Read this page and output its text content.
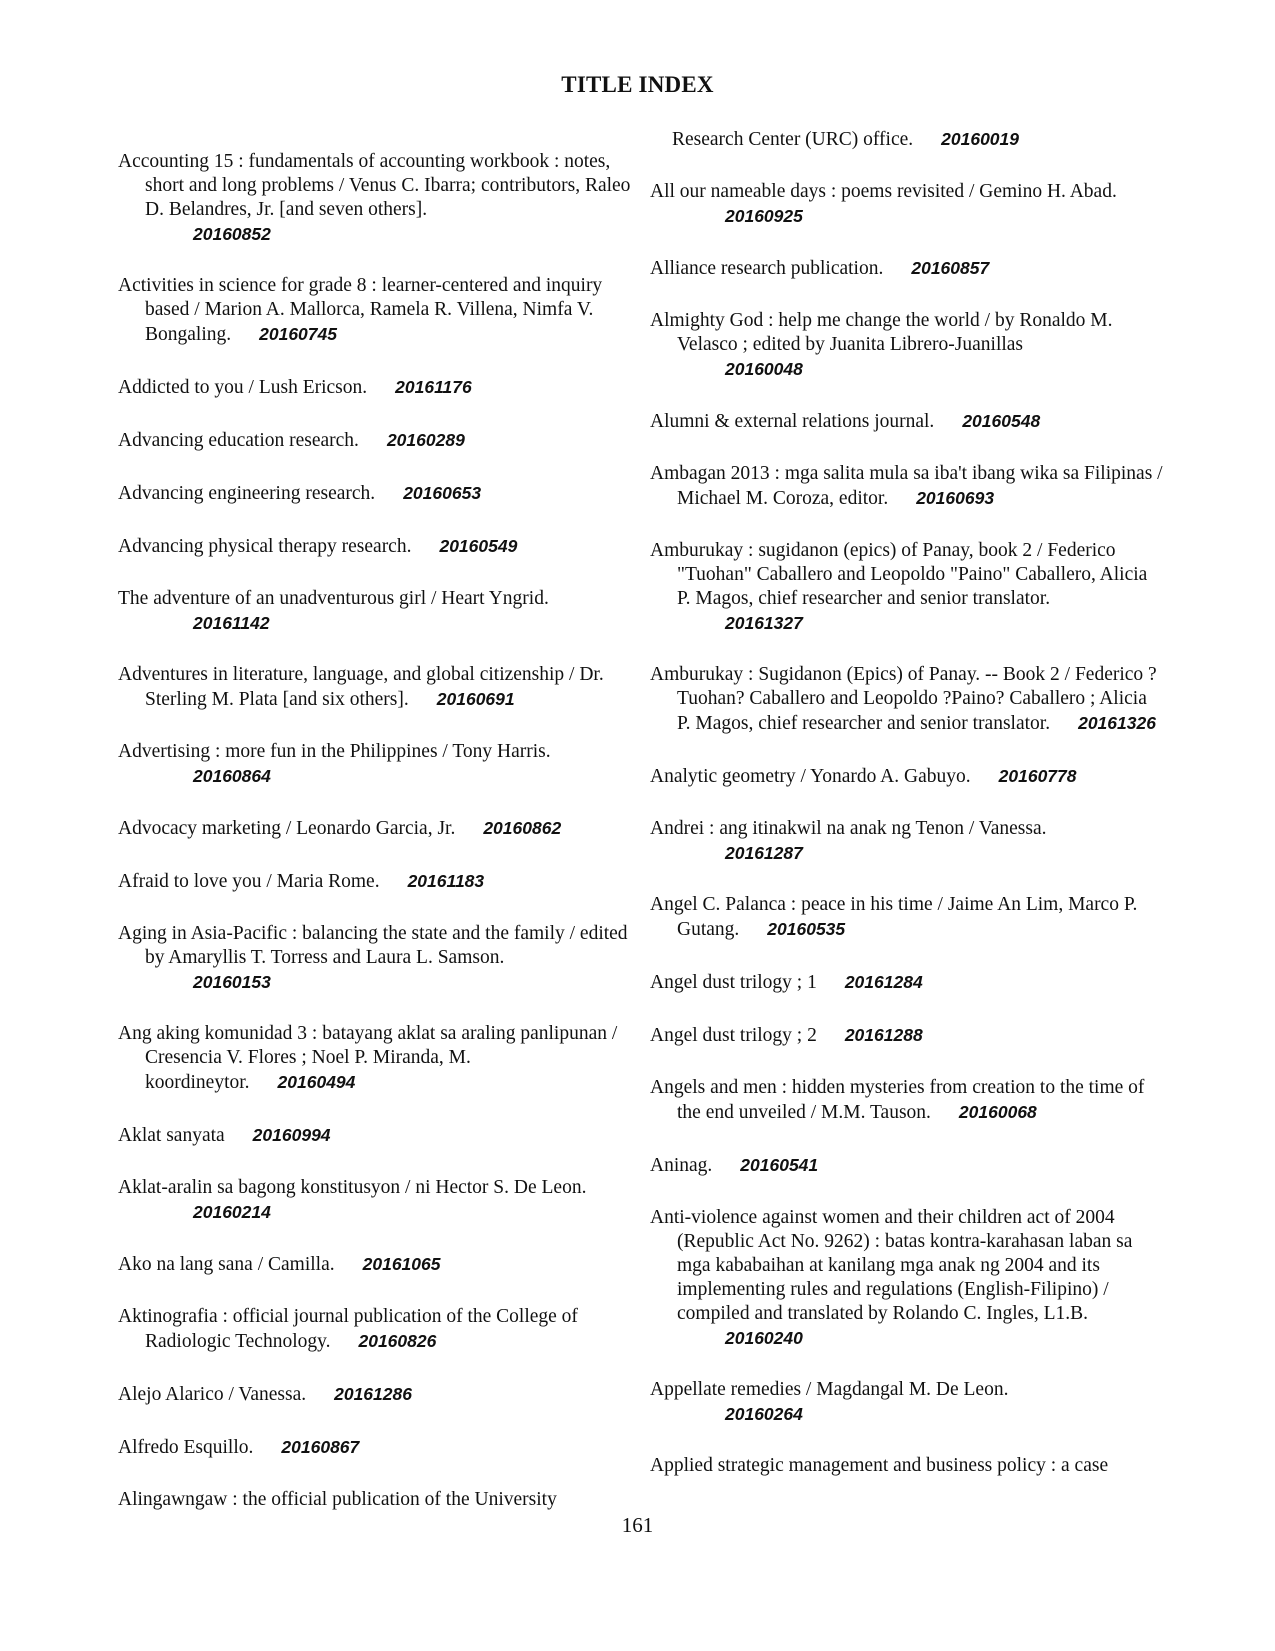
TITLE INDEX

Accounting 15 : fundamentals of accounting workbook : notes, short and long problems / Venus C. Ibarra; contributors, Raleo D. Belandres, Jr. [and seven others].
20160852

Activities in science for grade 8 : learner-centered and inquiry based / Marion A. Mallorca, Ramela R. Villena, Nimfa V. Bongaling. 20160745

Addicted to you / Lush Ericson. 20161176

Advancing education research. 20160289

Advancing engineering research. 20160653

Advancing physical therapy research. 20160549

The adventure of an unadventurous girl / Heart Yngrid.
20161142

Adventures in literature, language, and global citizenship / Dr. Sterling M. Plata [and six others]. 20160691

Advertising : more fun in the Philippines / Tony Harris.
20160864

Advocacy marketing / Leonardo Garcia, Jr. 20160862

Afraid to love you / Maria Rome. 20161183

Aging in Asia-Pacific : balancing the state and the family / edited by Amaryllis T. Torress and Laura L. Samson.
20160153

Ang aking komunidad 3 : batayang aklat sa araling panlipunan / Cresencia V. Flores ; Noel P. Miranda, M. koordineytor. 20160494

Aklat sanyata 20160994

Aklat-aralin sa bagong konstitusyon / ni Hector S. De Leon.
20160214

Ako na lang sana / Camilla. 20161065

Aktinografia : official journal publication of the College of Radiologic Technology. 20160826

Alejo Alarico / Vanessa. 20161286

Alfredo Esquillo. 20160867

Alingawngaw : the official publication of the University

Research Center (URC) office. 20160019

All our nameable days : poems revisited / Gemino H. Abad.
20160925

Alliance research publication. 20160857

Almighty God : help me change the world / by Ronaldo M. Velasco ; edited by Juanita Librero-Juanillas
20160048

Alumni & external relations journal. 20160548

Ambagan 2013 : mga salita mula sa iba't ibang wika sa Filipinas / Michael M. Coroza, editor. 20160693

Amburukay : sugidanon (epics) of Panay, book 2 / Federico "Tuohan" Caballero and Leopoldo "Paino" Caballero, Alicia P. Magos, chief researcher and senior translator.
20161327

Amburukay : Sugidanon (Epics) of Panay. -- Book 2 / Federico ?Tuohan? Caballero and Leopoldo ?Paino? Caballero ; Alicia P. Magos, chief researcher and senior translator. 20161326

Analytic geometry / Yonardo A. Gabuyo. 20160778

Andrei : ang itinakwil na anak ng Tenon / Vanessa.
20161287

Angel C. Palanca : peace in his time / Jaime An Lim, Marco P. Gutang. 20160535

Angel dust trilogy ; 1 20161284

Angel dust trilogy ; 2 20161288

Angels and men : hidden mysteries from creation to the time of the end unveiled / M.M. Tauson. 20160068

Aninag. 20160541

Anti-violence against women and their children act of 2004 (Republic Act No. 9262) : batas kontra-karahasan laban sa mga kababaihan at kanilang mga anak ng 2004 and its implementing rules and regulations (English-Filipino) / compiled and translated by Rolando C. Ingles, L1.B.
20160240

Appellate remedies / Magdangal M. De Leon.
20160264

Applied strategic management and business policy : a case

161
